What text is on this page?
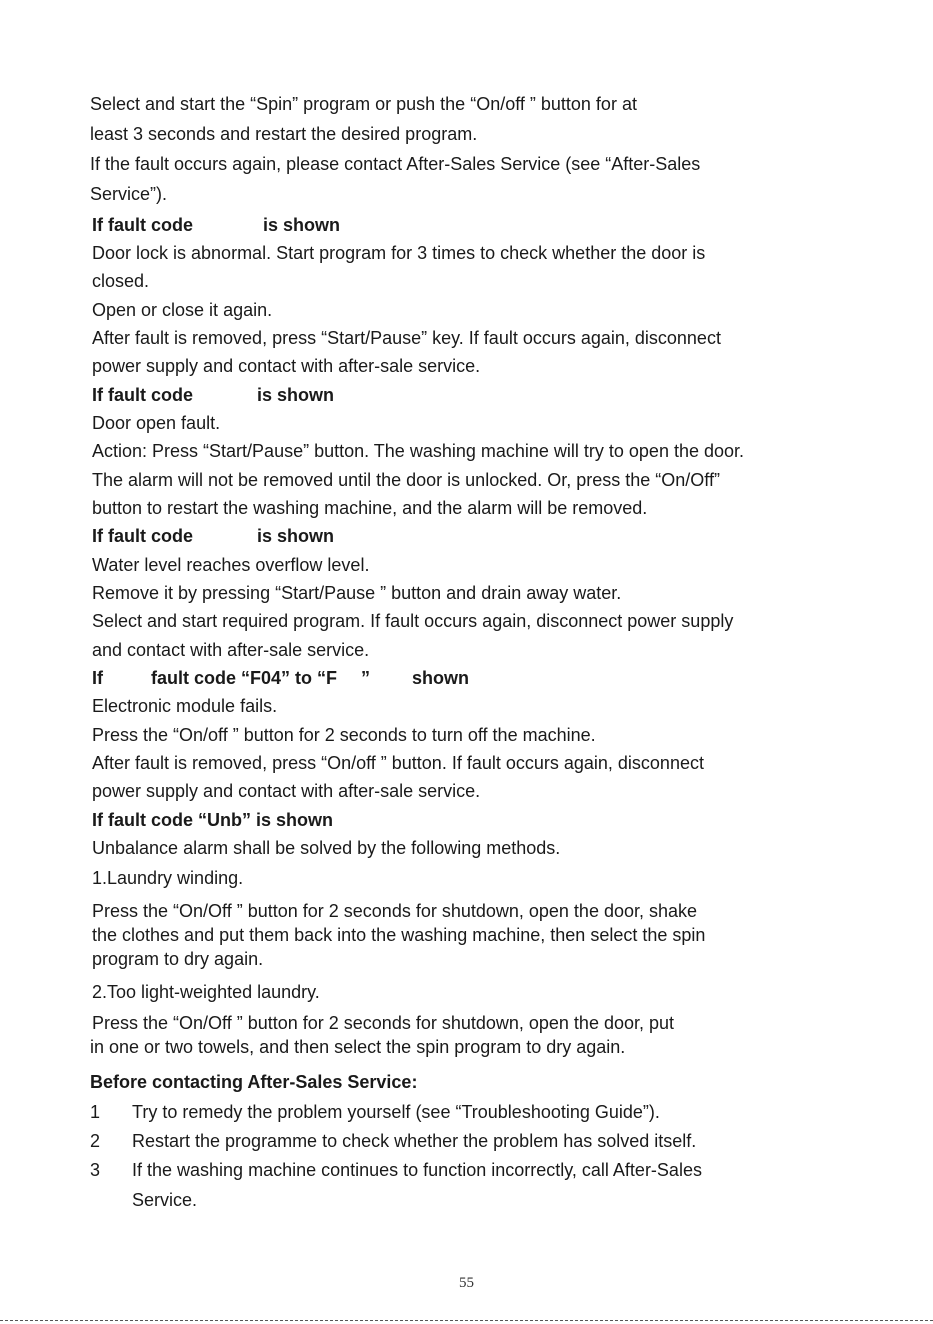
Select and start the “Spin” program or push the “On/off ” button for at
least 3 seconds and restart the desired program.
If the fault occurs again, please contact After-Sales Service (see “After-Sales
Service”).
If fault code	is shown
Door lock is abnormal. Start program for 3 times to check whether the door is
closed.
Open or close it again.
After fault is removed, press “Start/Pause” key. If fault occurs again, disconnect
power supply and contact with after-sale service.
If fault code	is shown
Door open fault.
Action: Press “Start/Pause” button. The washing machine will try to open the door.
The alarm will not be removed until the door is unlocked. Or, press the “On/Off”
button to restart the washing machine, and the alarm will be removed.
If fault code	is shown
Water level reaches overflow level.
Remove it by pressing “Start/Pause ” button and drain away water.
Select and start required program. If fault occurs again, disconnect power supply
and contact with after-sale service.
If	fault code “F04” to “F ” shown
Electronic module fails.
Press the “On/off ” button for 2 seconds to turn off the machine.
After fault is removed, press “On/off ” button. If fault occurs again, disconnect
power supply and contact with after-sale service.
If fault code “Unb” is shown
Unbalance alarm shall be solved by the following methods.
1.Laundry winding.
Press the “On/Off ” button for 2 seconds for shutdown, open the door, shake
the clothes and put them back into the washing machine, then select the spin
program to dry again.
2.Too light-weighted laundry.
Press the “On/Off ” button for 2 seconds for shutdown, open the door, put
in one or two towels, and then select the spin program to dry again.
Before contacting After-Sales Service:
1 Try to remedy the problem yourself (see “Troubleshooting Guide”).
2 Restart the programme to check whether the problem has solved itself.
3 If the washing machine continues to function incorrectly, call After-Sales
Service.
55
